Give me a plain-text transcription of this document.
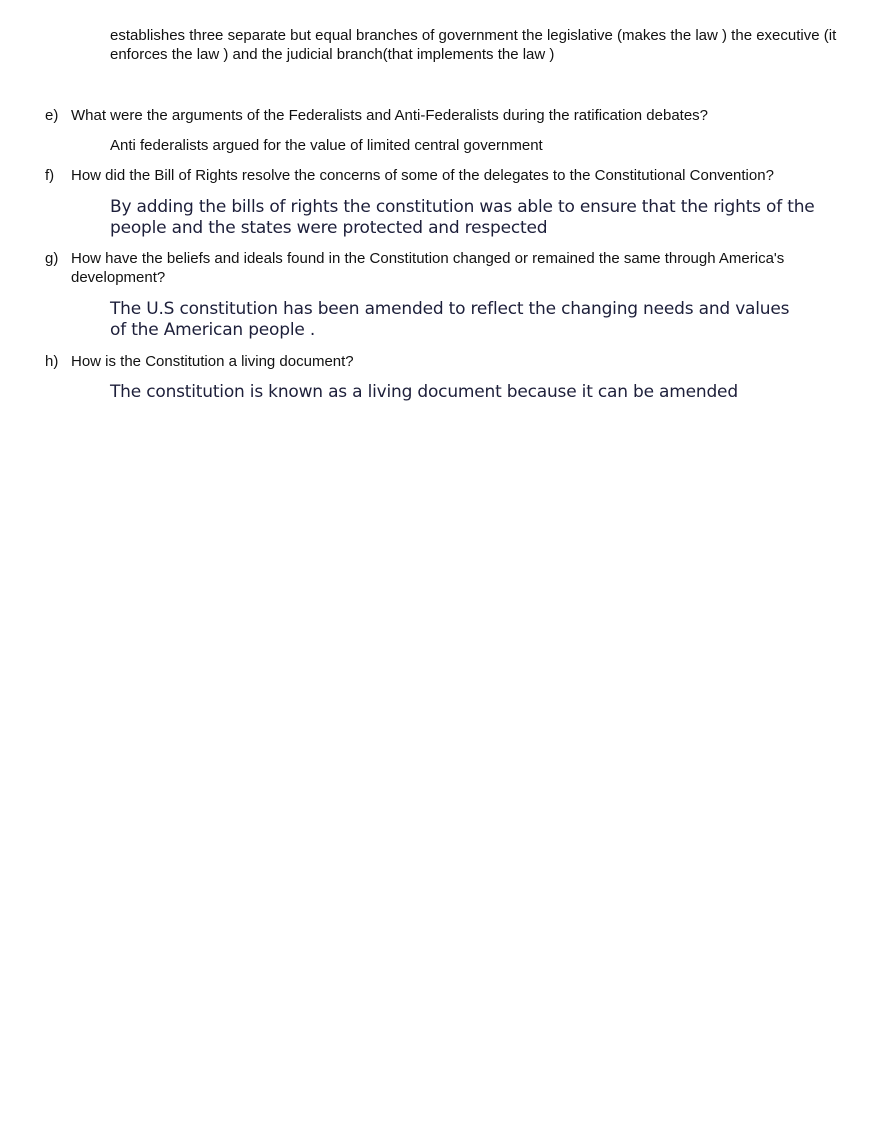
establishes three separate but equal branches of government the legislative (makes the law ) the executive (it enforces the law ) and the judicial branch(that implements the law )
e) What were the arguments of the Federalists and Anti-Federalists during the ratification debates?
Anti federalists argued for the value of limited central government
f)	How did the Bill of Rights resolve the concerns of some of the delegates to the Constitutional Convention?
By adding the bills of rights the constitution was able to ensure that the rights of the people and the states were protected and respected
g) How have the beliefs and ideals found in the Constitution changed or remained the same through America's development?
The U.S constitution has been amended to reflect the changing needs and values of the American people .
h) How is the Constitution a living document?
The constitution is known as a living document because it can be amended
